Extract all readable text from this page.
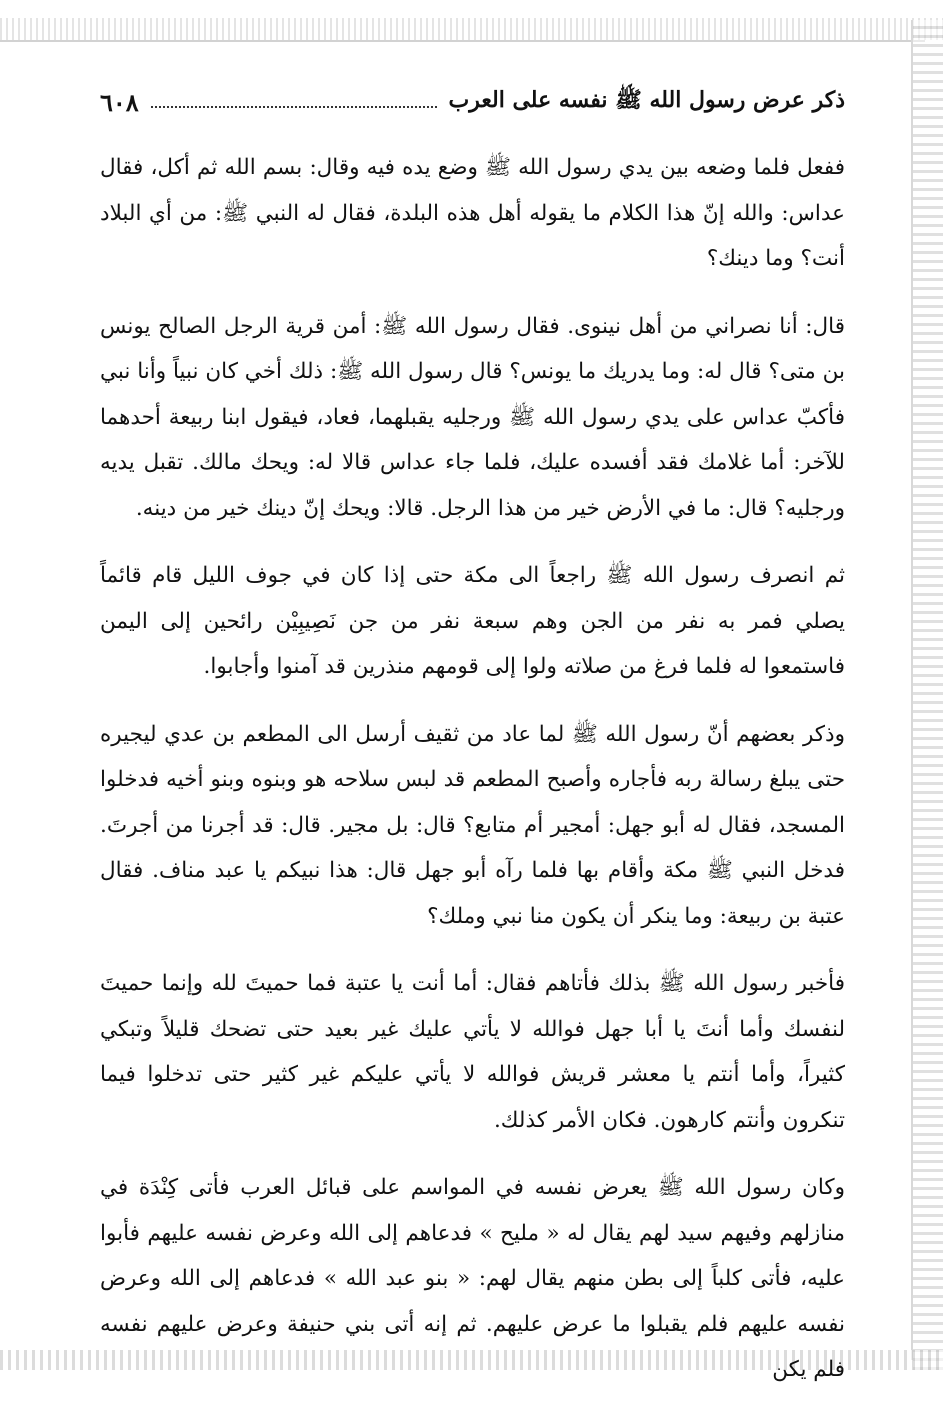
ذكر عرض رسول الله ﷺ نفسه على العرب
٦٠٨

ففعل فلما وضعه بين يدي رسول الله ﷺ وضع يده فيه وقال: بسم الله ثم أكل، فقال عداس: والله إنّ هذا الكلام ما يقوله أهل هذه البلدة، فقال له النبي ﷺ: من أي البلاد أنت؟ وما دينك؟

قال: أنا نصراني من أهل نينوى. فقال رسول الله ﷺ: أمن قرية الرجل الصالح يونس بن متى؟ قال له: وما يدريك ما يونس؟ قال رسول الله ﷺ: ذلك أخي كان نبياً وأنا نبي فأكبّ عداس على يدي رسول الله ﷺ ورجليه يقبلهما، فعاد، فيقول ابنا ربيعة أحدهما للآخر: أما غلامك فقد أفسده عليك، فلما جاء عداس قالا له: ويحك مالك. تقبل يديه ورجليه؟ قال: ما في الأرض خير من هذا الرجل. قالا: ويحك إنّ دينك خير من دينه.

ثم انصرف رسول الله ﷺ راجعاً الى مكة حتى إذا كان في جوف الليل قام قائماً يصلي فمر به نفر من الجن وهم سبعة نفر من جن نَصِيبِيْن رائحين إلى اليمن فاستمعوا له فلما فرغ من صلاته ولوا إلى قومهم منذرين قد آمنوا وأجابوا.

وذكر بعضهم أنّ رسول الله ﷺ لما عاد من ثقيف أرسل الى المطعم بن عدي ليجيره حتى يبلغ رسالة ربه فأجاره وأصبح المطعم قد لبس سلاحه هو وبنوه وبنو أخيه فدخلوا المسجد، فقال له أبو جهل: أمجير أم متابع؟ قال: بل مجير. قال: قد أجرنا من أجرتَ. فدخل النبي ﷺ مكة وأقام بها فلما رآه أبو جهل قال: هذا نبيكم يا عبد مناف. فقال عتبة بن ربيعة: وما ينكر أن يكون منا نبي وملك؟

فأخبر رسول الله ﷺ بذلك فأتاهم فقال: أما أنت يا عتبة فما حميتَ لله وإنما حميتَ لنفسك وأما أنتَ يا أبا جهل فوالله لا يأتي عليك غير بعيد حتى تضحك قليلاً وتبكي كثيراً، وأما أنتم يا معشر قريش فوالله لا يأتي عليكم غير كثير حتى تدخلوا فيما تنكرون وأنتم كارهون. فكان الأمر كذلك.

وكان رسول الله ﷺ يعرض نفسه في المواسم على قبائل العرب فأتى كِنْدَة في منازلهم وفيهم سيد لهم يقال له « مليح » فدعاهم إلى الله وعرض نفسه عليهم فأبوا عليه، فأتى كلباً إلى بطن منهم يقال لهم: « بنو عبد الله » فدعاهم إلى الله وعرض نفسه عليهم فلم يقبلوا ما عرض عليهم. ثم إنه أتى بني حنيفة وعرض عليهم نفسه فلم يكن
